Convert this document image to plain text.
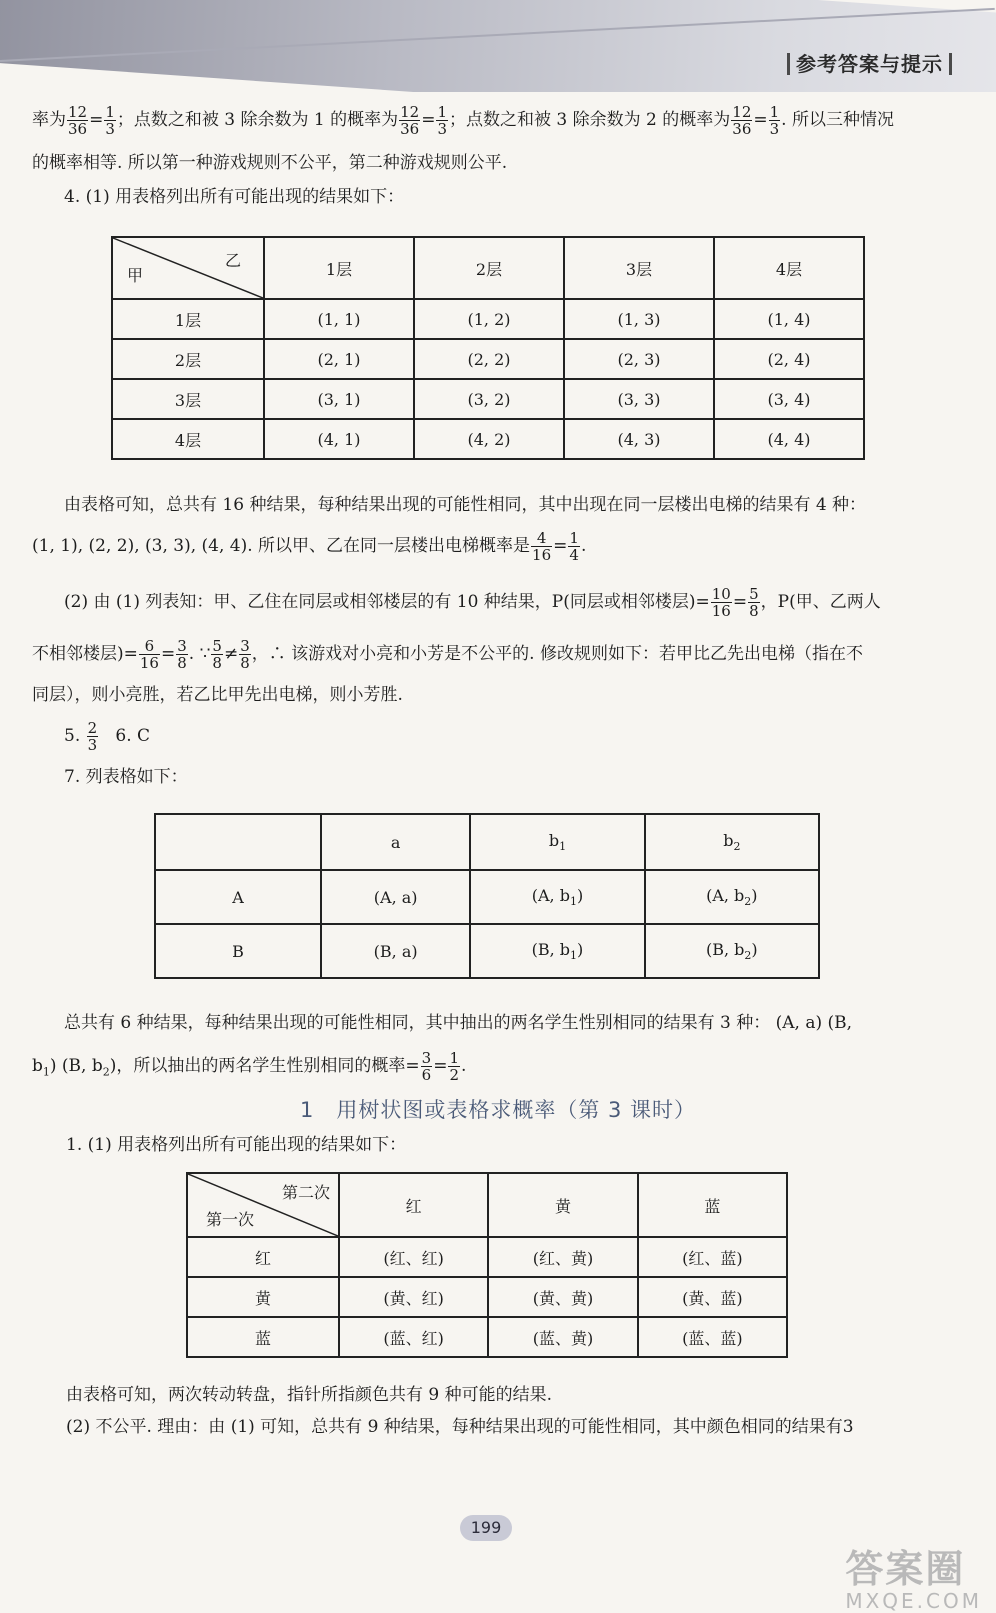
参考答案与提示
率为 $\frac{12}{36} = \frac{1}{3}$ ；点数之和被 3 除余数为 1 的概率为 $\frac{12}{36} = \frac{1}{3}$ ；点数之和被 3 除余数为 2 的概率为 $\frac{12}{36} = \frac{1}{3}$ . 所以三种情况
的概率相等. 所以第一种游戏规则不公平，第二种游戏规则公平.
4. (1) 用表格列出所有可能出现的结果如下：
乙
甲	1层	2层	3层	4层
1层	(1, 1)	(1, 2)	(1, 3)	(1, 4)
2层	(2, 1)	(2, 2)	(2, 3)	(2, 4)
3层	(3, 1)	(3, 2)	(3, 3)	(3, 4)
4层	(4, 1)	(4, 2)	(4, 3)	(4, 4)
由表格可知，总共有 16 种结果，每种结果出现的可能性相同，其中出现在同一层楼出电梯的结果有 4 种：
(1, 1), (2, 2), (3, 3), (4, 4). 所以甲、乙在同一层楼出电梯概率是 $\frac{4}{16} = \frac{1}{4}$ .
(2) 由 (1) 列表知：甲、乙住在同层或相邻楼层的有 10 种结果，P(同层或相邻楼层)= $\frac{10}{16} = \frac{5}{8}$ ，P(甲、乙两人
不相邻楼层)= $\frac{6}{16} = \frac{3}{8}$ . ∵ $\frac{5}{8} \ne \frac{3}{8}$ ，∴ 该游戏对小亮和小芳是不公平的. 修改规则如下：若甲比乙先出电梯（指在不
同层），则小亮胜，若乙比甲先出电梯，则小芳胜.
5. $\frac{2}{3} 6$. C
7. 列表格如下：
	a	$b_1$	$b_2$
A	(A, a)	(A, $b_1$)	(A, $b_2$)
B	(B, a)	(B, $b_1$)	(B, $b_2$)
总共有 6 种结果，每种结果出现的可能性相同，其中抽出的两名学生性别相同的结果有 3 种： (A, a) (B,
$b_1$) (B, $b_2$)，所以抽出的两名学生性别相同的概率= $\frac{3}{6} = \frac{1}{2}$ .
1　用树状图或表格求概率（第 3 课时）
1. (1) 用表格列出所有可能出现的结果如下：
第二次
第一次	红	黄	蓝
红	(红、红)	(红、黄)	(红、蓝)
黄	(黄、红)	(黄、黄)	(黄、蓝)
蓝	(蓝、红)	(蓝、黄)	(蓝、蓝)
由表格可知，两次转动转盘，指针所指颜色共有 9 种可能的结果.
(2) 不公平. 理由：由 (1) 可知，总共有 9 种结果，每种结果出现的可能性相同，其中颜色相同的结果有3
199
答案圈
MXQE.COM
